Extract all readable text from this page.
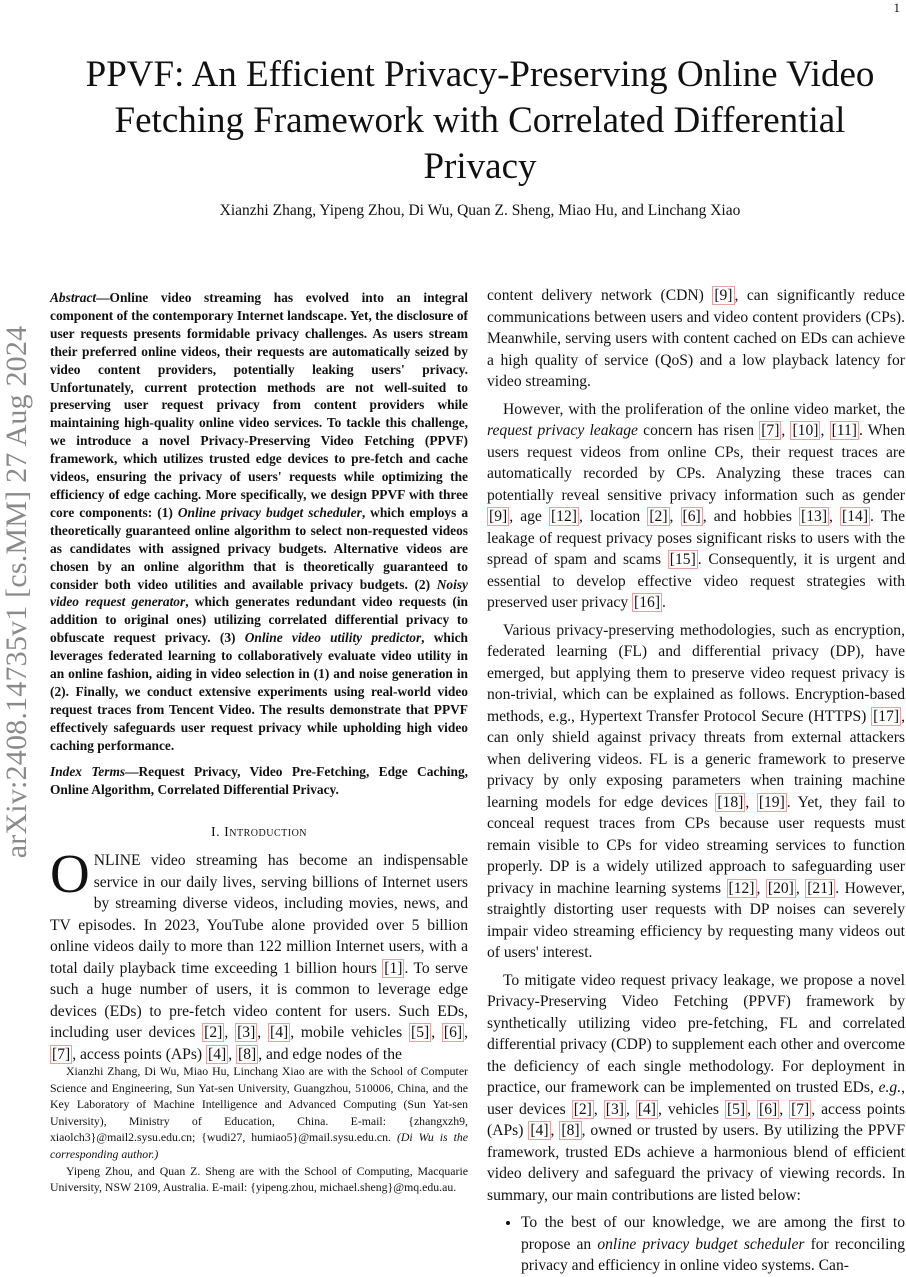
1
arXiv:2408.14735v1 [cs.MM] 27 Aug 2024
PPVF: An Efficient Privacy-Preserving Online Video Fetching Framework with Correlated Differential Privacy
Xianzhi Zhang, Yipeng Zhou, Di Wu, Quan Z. Sheng, Miao Hu, and Linchang Xiao
Abstract—Online video streaming has evolved into an integral component of the contemporary Internet landscape. Yet, the disclosure of user requests presents formidable privacy challenges. As users stream their preferred online videos, their requests are automatically seized by video content providers, potentially leaking users' privacy. Unfortunately, current protection methods are not well-suited to preserving user request privacy from content providers while maintaining high-quality online video services. To tackle this challenge, we introduce a novel Privacy-Preserving Video Fetching (PPVF) framework, which utilizes trusted edge devices to pre-fetch and cache videos, ensuring the privacy of users' requests while optimizing the efficiency of edge caching. More specifically, we design PPVF with three core components: (1) Online privacy budget scheduler, which employs a theoretically guaranteed online algorithm to select non-requested videos as candidates with assigned privacy budgets. Alternative videos are chosen by an online algorithm that is theoretically guaranteed to consider both video utilities and available privacy budgets. (2) Noisy video request generator, which generates redundant video requests (in addition to original ones) utilizing correlated differential privacy to obfuscate request privacy. (3) Online video utility predictor, which leverages federated learning to collaboratively evaluate video utility in an online fashion, aiding in video selection in (1) and noise generation in (2). Finally, we conduct extensive experiments using real-world video request traces from Tencent Video. The results demonstrate that PPVF effectively safeguards user request privacy while upholding high video caching performance.
Index Terms—Request Privacy, Video Pre-Fetching, Edge Caching, Online Algorithm, Correlated Differential Privacy.
I. Introduction
ONLINE video streaming has become an indispensable service in our daily lives, serving billions of Internet users by streaming diverse videos, including movies, news, and TV episodes. In 2023, YouTube alone provided over 5 billion online videos daily to more than 122 million Internet users, with a total daily playback time exceeding 1 billion hours [1] . To serve such a huge number of users, it is common to leverage edge devices (EDs) to pre-fetch video content for users. Such EDs, including user devices [2] , [3] , [4] , mobile vehicles [5] , [6] , [7] , access points (APs) [4] , [8] , and edge nodes of the

Xianzhi Zhang, Di Wu, Miao Hu, Linchang Xiao are with the School of Computer Science and Engineering, Sun Yat-sen University, Guangzhou, 510006, China, and the Key Laboratory of Machine Intelligence and Advanced Computing (Sun Yat-sen University), Ministry of Education, China. E-mail: {zhangxzh9, xiaolch3}@mail2.sysu.edu.cn; {wudi27, humiao5}@mail.sysu.edu.cn. (Di Wu is the corresponding author.)

Yipeng Zhou, and Quan Z. Sheng are with the School of Computing, Macquarie University, NSW 2109, Australia. E-mail: {yipeng.zhou, michael.sheng}@mq.edu.au.

content delivery network (CDN) [9] , can significantly reduce communications between users and video content providers (CPs). Meanwhile, serving users with content cached on EDs can achieve a high quality of service (QoS) and a low playback latency for video streaming.

However, with the proliferation of the online video market, the request privacy leakage concern has risen [7] , [10] , [11] . When users request videos from online CPs, their request traces are automatically recorded by CPs. Analyzing these traces can potentially reveal sensitive privacy information such as gender [9] , age [12] , location [2] , [6] , and hobbies [13] , [14] . The leakage of request privacy poses significant risks to users with the spread of spam and scams [15] . Consequently, it is urgent and essential to develop effective video request strategies with preserved user privacy [16] .

Various privacy-preserving methodologies, such as encryption, federated learning (FL) and differential privacy (DP), have emerged, but applying them to preserve video request privacy is non-trivial, which can be explained as follows. Encryption-based methods, e.g., Hypertext Transfer Protocol Secure (HTTPS) [17] , can only shield against privacy threats from external attackers when delivering videos. FL is a generic framework to preserve privacy by only exposing parameters when training machine learning models for edge devices [18] , [19] . Yet, they fail to conceal request traces from CPs because user requests must remain visible to CPs for video streaming services to function properly. DP is a widely utilized approach to safeguarding user privacy in machine learning systems [12] , [20] , [21] . However, straightly distorting user requests with DP noises can severely impair video streaming efficiency by requesting many videos out of users' interest.

To mitigate video request privacy leakage, we propose a novel Privacy-Preserving Video Fetching (PPVF) framework by synthetically utilizing video pre-fetching, FL and correlated differential privacy (CDP) to supplement each other and overcome the deficiency of each single methodology. For deployment in practice, our framework can be implemented on trusted EDs, e.g., user devices [2] , [3] , [4] , vehicles [5] , [6] , [7] , access points (APs) [4] , [8] , owned or trusted by users. By utilizing the PPVF framework, trusted EDs achieve a harmonious blend of efficient video delivery and safeguard the privacy of viewing records. In summary, our main contributions are listed below:

• To the best of our knowledge, we are among the first to propose an online privacy budget scheduler for reconciling privacy and efficiency in online video systems. Can-
